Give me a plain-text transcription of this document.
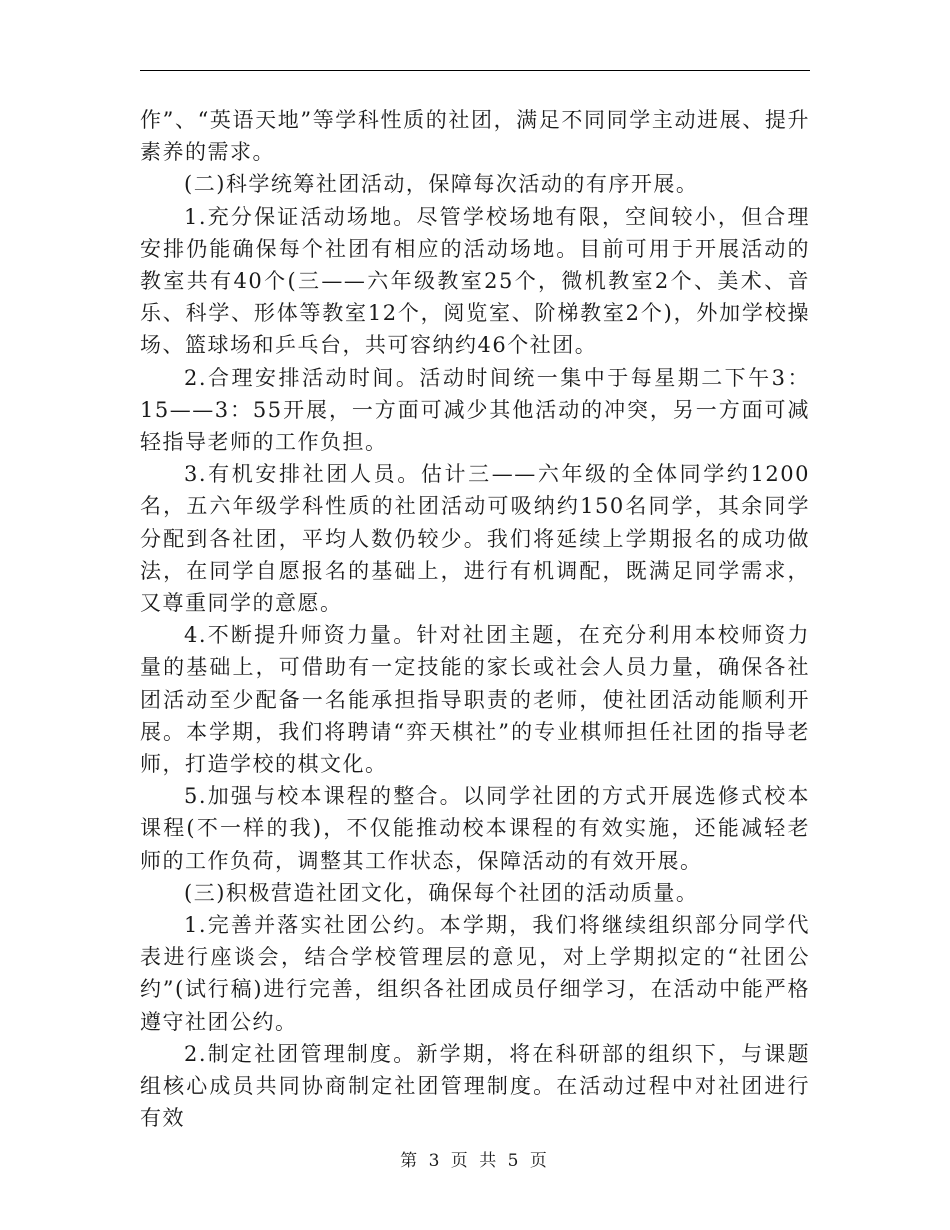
作”、“英语天地”等学科性质的社团，满足不同同学主动进展、提升素养的需求。

(二)科学统筹社团活动，保障每次活动的有序开展。

1.充分保证活动场地。尽管学校场地有限，空间较小，但合理安排仍能确保每个社团有相应的活动场地。目前可用于开展活动的教室共有40个(三——六年级教室25个，微机教室2个、美术、音乐、科学、形体等教室12个，阅览室、阶梯教室2个)，外加学校操场、篮球场和乒乓台，共可容纳约46个社团。

2.合理安排活动时间。活动时间统一集中于每星期二下午3：15——3：55开展，一方面可减少其他活动的冲突，另一方面可减轻指导老师的工作负担。

3.有机安排社团人员。估计三——六年级的全体同学约1200名，五六年级学科性质的社团活动可吸纳约150名同学，其余同学分配到各社团，平均人数仍较少。我们将延续上学期报名的成功做法，在同学自愿报名的基础上，进行有机调配，既满足同学需求，又尊重同学的意愿。

4.不断提升师资力量。针对社团主题，在充分利用本校师资力量的基础上，可借助有一定技能的家长或社会人员力量，确保各社团活动至少配备一名能承担指导职责的老师，使社团活动能顺利开展。本学期，我们将聘请“弈天棋社”的专业棋师担任社团的指导老师，打造学校的棋文化。

5.加强与校本课程的整合。以同学社团的方式开展选修式校本课程(不一样的我)，不仅能推动校本课程的有效实施，还能减轻老师的工作负荷，调整其工作状态，保障活动的有效开展。

(三)积极营造社团文化，确保每个社团的活动质量。

1.完善并落实社团公约。本学期，我们将继续组织部分同学代表进行座谈会，结合学校管理层的意见，对上学期拟定的“社团公约”(试行稿)进行完善，组织各社团成员仔细学习，在活动中能严格遵守社团公约。

2.制定社团管理制度。新学期，将在科研部的组织下，与课题组核心成员共同协商制定社团管理制度。在活动过程中对社团进行有效

第 3 页 共 5 页
